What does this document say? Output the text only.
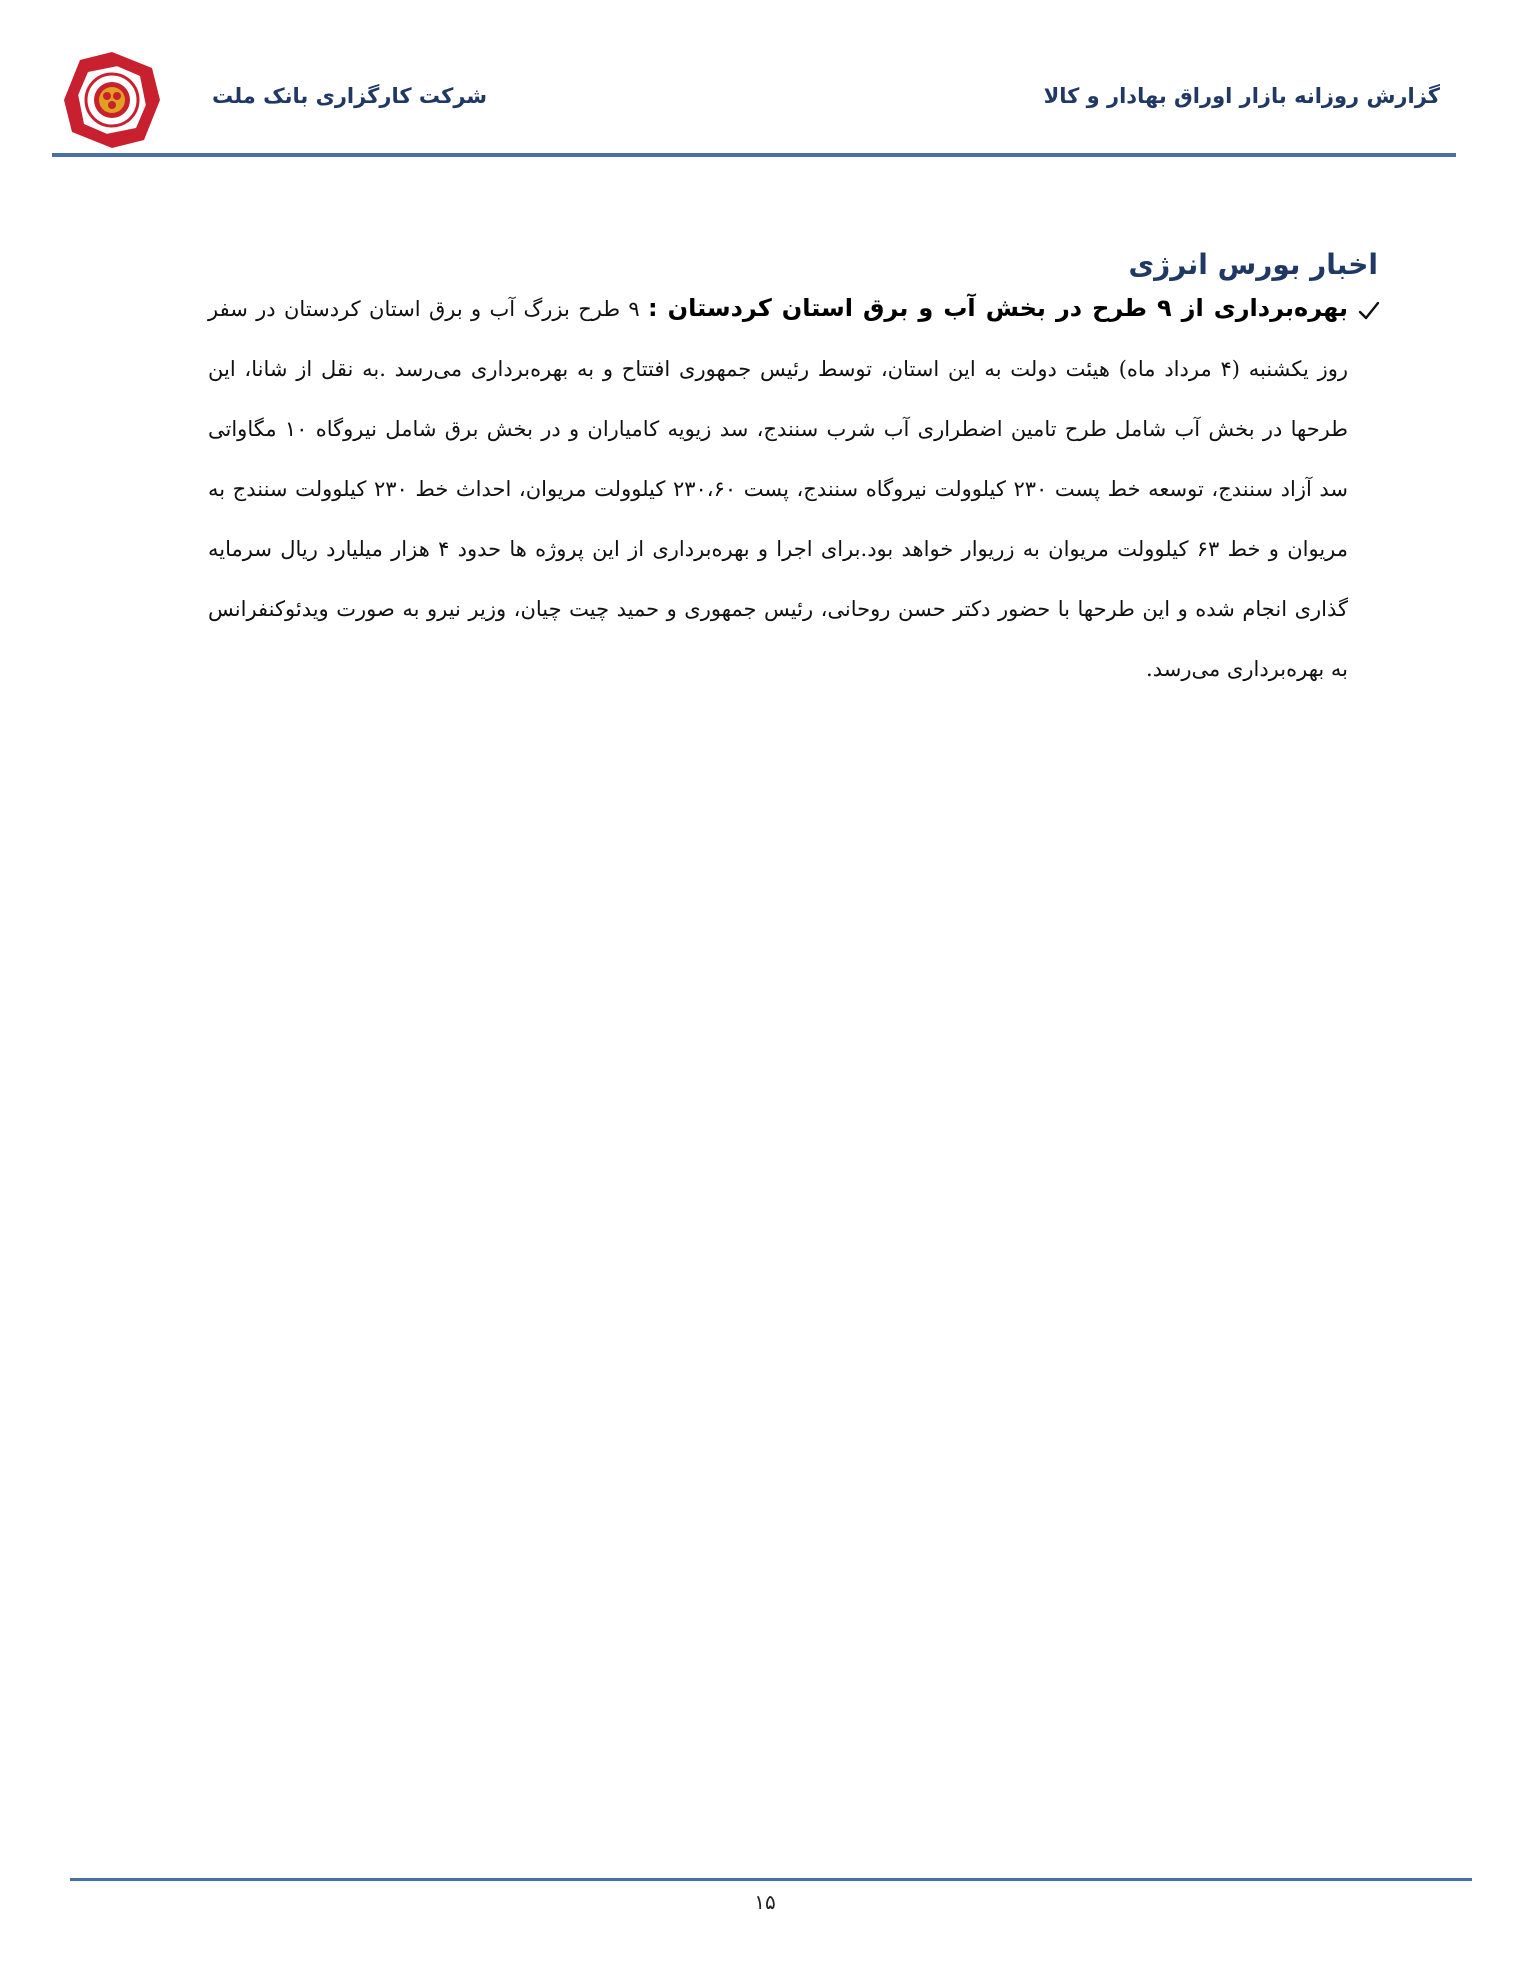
گزارش روزانه بازار اوراق بهادار و کالا
شرکت کارگزاری بانک ملت
اخبار بورس انرژی

بهره‌برداری از ۹ طرح در بخش آب و برق استان کردستان : ۹ طرح بزرگ آب و برق استان کردستان در سفر روز یکشنبه (۴ مرداد ماه) هیئت دولت به این استان، توسط رئیس جمهوری افتتاح و به بهره‌برداری می‌رسد .به نقل از شانا، این طرحها در بخش آب شامل طرح تامین اضطراری آب شرب سنندج، سد زیویه کامیاران و در بخش برق شامل نیروگاه ۱۰ مگاواتی سد آزاد سنندج، توسعه خط پست ۲۳۰ کیلوولت نیروگاه سنندج، پست ۲۳۰،۶۰ کیلوولت مریوان، احداث خط ۲۳۰ کیلوولت سنندج به مریوان و خط ۶۳ کیلوولت مریوان به زریوار خواهد بود.برای اجرا و بهره‌برداری از این پروژه ها حدود ۴ هزار میلیارد ریال سرمایه گذاری انجام شده و این طرحها با حضور دکتر حسن روحانی، رئیس جمهوری و حمید چیت چیان، وزیر نیرو به صورت ویدئوکنفرانس به بهره‌برداری می‌رسد.

۱۵
